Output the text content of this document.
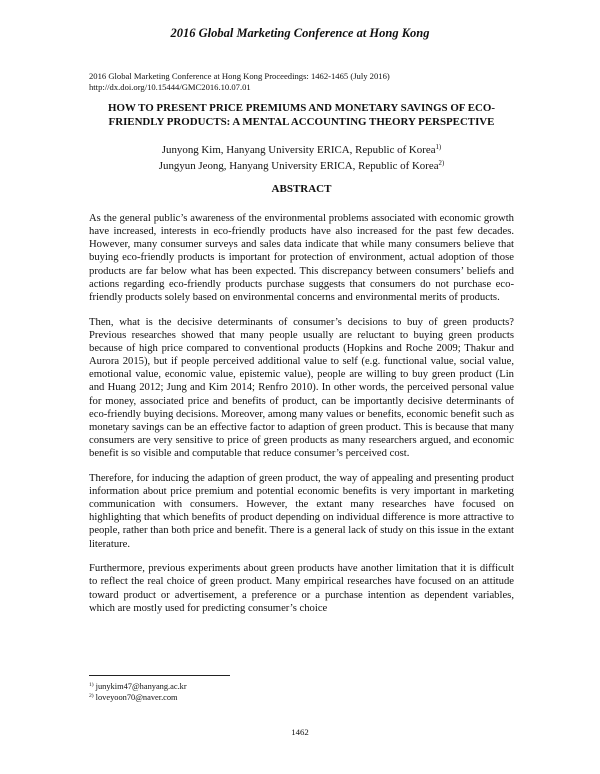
2016 Global Marketing Conference at Hong Kong
2016 Global Marketing Conference at Hong Kong Proceedings: 1462-1465 (July 2016)
http://dx.doi.org/10.15444/GMC2016.10.07.01
HOW TO PRESENT PRICE PREMIUMS AND MONETARY SAVINGS OF ECO-
FRIENDLY PRODUCTS: A MENTAL ACCOUNTING THEORY PERSPECTIVE
Junyong Kim, Hanyang University ERICA, Republic of Korea$^{1)}$
Jungyun Jeong, Hanyang University ERICA, Republic of Korea$^{2)}$
ABSTRACT

As the general public’s awareness of the environmental problems associated with economic growth have increased, interests in eco-friendly products have also increased for the past few decades. However, many consumer surveys and sales data indicate that while many consumers believe that buying eco-friendly products is important for protection of environment, actual adoption of those products are far below what has been expected. This discrepancy between consumers’ beliefs and actions regarding eco-friendly products purchase suggests that consumers do not purchase eco-friendly products solely based on environmental concerns and environmental merits of products.

Then, what is the decisive determinants of consumer’s decisions to buy of green products? Previous researches showed that many people usually are reluctant to buying green products because of high price compared to conventional products (Hopkins and Roche 2009; Thakur and Aurora 2015), but if people perceived additional value to self (e.g. functional value, social value, emotional value, economic value, epistemic value), people are willing to buy green product (Lin and Huang 2012; Jung and Kim 2014; Renfro 2010). In other words, the perceived personal value for money, associated price and benefits of product, can be importantly decisive determinants of eco-friendly buying decisions. Moreover, among many values or benefits, economic benefit such as monetary savings can be an effective factor to adaption of green product. This is because that many consumers are very sensitive to price of green products as many researchers argued, and economic benefit is so visible and computable that reduce consumer’s perceived cost.

Therefore, for inducing the adaption of green product, the way of appealing and presenting product information about price premium and potential economic benefits is very important in marketing communication with consumers. However, the extant many researches have focused on highlighting that which benefits of product depending on individual difference is more attractive to people, rather than both price and benefit. There is a general lack of study on this issue in the extant literature.

Furthermore, previous experiments about green products have another limitation that it is difficult to reflect the real choice of green product. Many empirical researches have focused on an attitude toward product or advertisement, a preference or a purchase intention as dependent variables, which are mostly used for predicting consumer’s choice

$^{1)}$ junykim47@hanyang.ac.kr
$^{2)}$ loveyoon70@naver.com
1462
